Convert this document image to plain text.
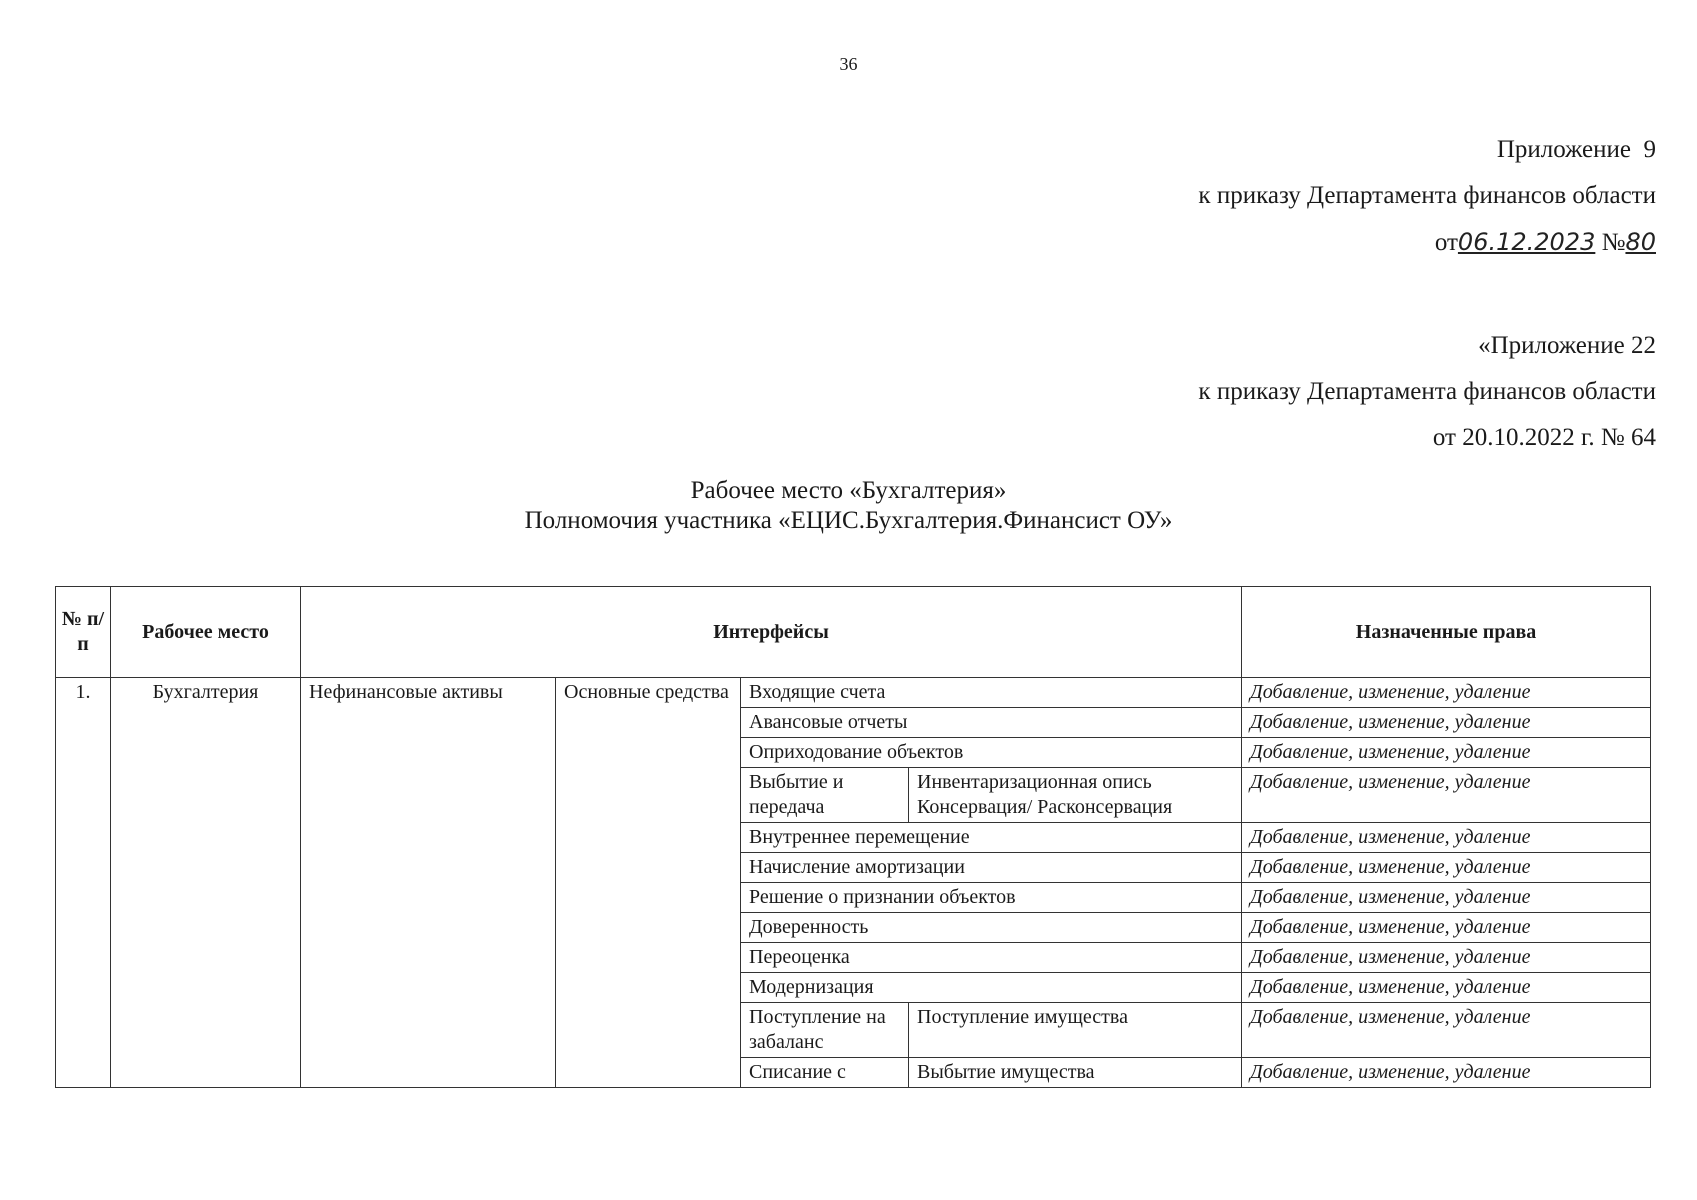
36
Приложение  9
к приказу Департамента финансов области
от06.12.2023 №80
«Приложение 22
к приказу Департамента финансов области
от 20.10.2022 г. № 64
Рабочее место «Бухгалтерия»
Полномочия участника «ЕЦИС.Бухгалтерия.Финансист ОУ»
№ п/п	Рабочее место	Интерфейсы				Назначенные права
1.	Бухгалтерия	Нефинансовые активы	Основные средства	Входящие счета		Добавление, изменение, удаление
				Авансовые отчеты		Добавление, изменение, удаление
				Оприходование объектов		Добавление, изменение, удаление
				Выбытие и передача	Инвентаризационная опись Консервация/ Расконсервация	Добавление, изменение, удаление
				Внутреннее перемещение		Добавление, изменение, удаление
				Начисление амортизации		Добавление, изменение, удаление
				Решение о признании объектов		Добавление, изменение, удаление
				Доверенность		Добавление, изменение, удаление
				Переоценка		Добавление, изменение, удаление
				Модернизация		Добавление, изменение, удаление
				Поступление на забаланс	Поступление имущества	Добавление, изменение, удаление
				Списание с	Выбытие имущества	Добавление, изменение, удаление
